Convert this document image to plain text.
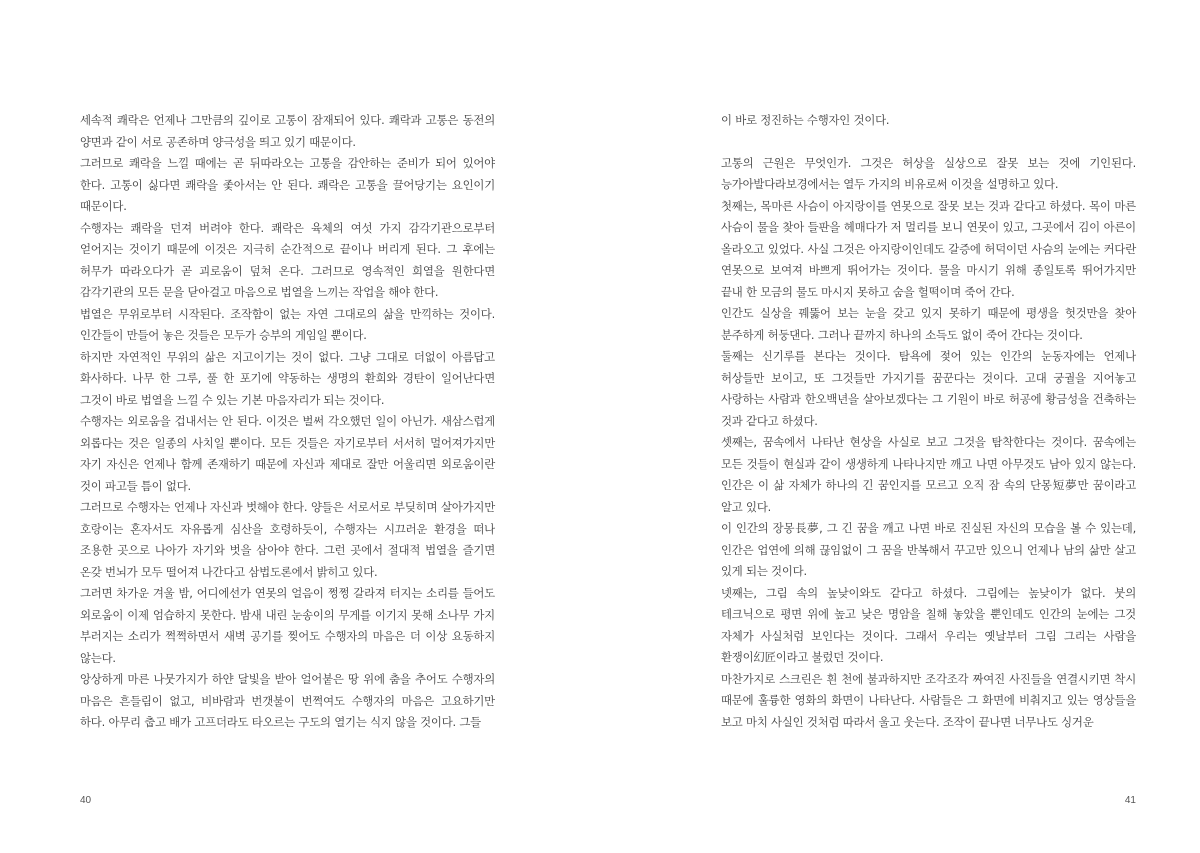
세속적 쾌락은 언제나 그만큼의 깊이로 고통이 잠재되어 있다. 쾌락과 고통은 동전의 양면과 같이 서로 공존하며 양극성을 띄고 있기 때문이다.

그러므로 쾌락을 느낄 때에는 곧 뒤따라오는 고통을 감안하는 준비가 되어 있어야 한다. 고통이 싫다면 쾌락을 좇아서는 안 된다. 쾌락은 고통을 끌어당기는 요인이기 때문이다.

수행자는 쾌락을 던져 버려야 한다. 쾌락은 육체의 여섯 가지 감각기관으로부터 얻어지는 것이기 때문에 이것은 지극히 순간적으로 끝이나 버리게 된다. 그 후에는 허무가 따라오다가 곧 괴로움이 덮쳐 온다. 그러므로 영속적인 희열을 원한다면 감각기관의 모든 문을 닫아걸고 마음으로 법열을 느끼는 작업을 해야 한다.

법열은 무위로부터 시작된다. 조작함이 없는 자연 그대로의 삶을 만끽하는 것이다. 인간들이 만들어 놓은 것들은 모두가 승부의 게임일 뿐이다.

하지만 자연적인 무위의 삶은 지고이기는 것이 없다. 그냥 그대로 더없이 아름답고 화사하다. 나무 한 그루, 풀 한 포기에 약동하는 생명의 환희와 경탄이 일어난다면 그것이 바로 법열을 느낄 수 있는 기본 마음자리가 되는 것이다.

수행자는 외로움을 겁내서는 안 된다. 이것은 벌써 각오했던 일이 아닌가. 새삼스럽게 외롭다는 것은 일종의 사치일 뿐이다. 모든 것들은 자기로부터 서서히 멀어져가지만 자기 자신은 언제나 함께 존재하기 때문에 자신과 제대로 잘만 어울리면 외로움이란 것이 파고들 틈이 없다.

그러므로 수행자는 언제나 자신과 벗해야 한다. 양들은 서로서로 부딪히며 살아가지만 호랑이는 혼자서도 자유롭게 심산을 호령하듯이, 수행자는 시끄러운 환경을 떠나 조용한 곳으로 나아가 자기와 벗을 삼아야 한다. 그런 곳에서 절대적 법열을 즐기면 온갖 번뇌가 모두 떨어져 나간다고 삼법도론에서 밝히고 있다.

그러면 차가운 겨울 밤, 어디에선가 연못의 얼음이 쩡쩡 갈라져 터지는 소리를 들어도 외로움이 이제 엄습하지 못한다. 밤새 내린 눈송이의 무게를 이기지 못해 소나무 가지 부러지는 소리가 쩍쩍하면서 새벽 공기를 찢어도 수행자의 마음은 더 이상 요동하지 않는다.

앙상하게 마른 나뭇가지가 하얀 달빛을 받아 얼어붙은 땅 위에 춤을 추어도 수행자의 마음은 흔들림이 없고, 비바람과 번갯불이 번쩍여도 수행자의 마음은 고요하기만 하다. 아무리 춥고 배가 고프더라도 타오르는 구도의 열기는 식지 않을 것이다. 그들

이 바로 정진하는 수행자인 것이다.

고통의 근원은 무엇인가. 그것은 허상을 실상으로 잘못 보는 것에 기인된다. 능가아발다라보경에서는 열두 가지의 비유로써 이것을 설명하고 있다.

첫째는, 목마른 사슴이 아지랑이를 연못으로 잘못 보는 것과 같다고 하셨다. 목이 마른 사슴이 물을 찾아 들판을 헤매다가 저 멀리를 보니 연못이 있고, 그곳에서 김이 아른이 올라오고 있었다. 사실 그것은 아지랑이인데도 갈증에 허덕이던 사슴의 눈에는 커다란 연못으로 보여져 바쁘게 뛰어가는 것이다. 물을 마시기 위해 종일토록 뛰어가지만 끝내 한 모금의 물도 마시지 못하고 숨을 헐떡이며 죽어 간다.

인간도 실상을 꿰뚫어 보는 눈을 갖고 있지 못하기 때문에 평생을 헛것만을 찾아 분주하게 허둥댄다. 그러나 끝까지 하나의 소득도 없이 죽어 간다는 것이다.

둘째는 신기루를 본다는 것이다. 탐욕에 젖어 있는 인간의 눈동자에는 언제나 허상들만 보이고, 또 그것들만 가지기를 꿈꾼다는 것이다. 고대 궁궐을 지어놓고 사랑하는 사람과 한오백년을 살아보겠다는 그 기원이 바로 허공에 황금성을 건축하는 것과 같다고 하셨다.

셋째는, 꿈속에서 나타난 현상을 사실로 보고 그것을 탐착한다는 것이다. 꿈속에는 모든 것들이 현실과 같이 생생하게 나타나지만 깨고 나면 아무것도 남아 있지 않는다. 인간은 이 삶 자체가 하나의 긴 꿈인지를 모르고 오직 잠 속의 단몽短夢만 꿈이라고 알고 있다.

이 인간의 장몽長夢, 그 긴 꿈을 깨고 나면 바로 진실된 자신의 모습을 볼 수 있는데, 인간은 업연에 의해 끊임없이 그 꿈을 반복해서 꾸고만 있으니 언제나 남의 삶만 살고 있게 되는 것이다.

넷째는, 그림 속의 높낮이와도 같다고 하셨다. 그림에는 높낮이가 없다. 붓의 테크닉으로 평면 위에 높고 낮은 명암을 칠해 놓았을 뿐인데도 인간의 눈에는 그것 자체가 사실처럼 보인다는 것이다. 그래서 우리는 옛날부터 그림 그리는 사람을 환쟁이幻匠이라고 불렀던 것이다.

마찬가지로 스크린은 흰 천에 불과하지만 조각조각 짜여진 사진들을 연결시키면 착시 때문에 훌륭한 영화의 화면이 나타난다. 사람들은 그 화면에 비춰지고 있는 영상들을 보고 마치 사실인 것처럼 따라서 울고 웃는다. 조작이 끝나면 너무나도 싱거운

40	41
